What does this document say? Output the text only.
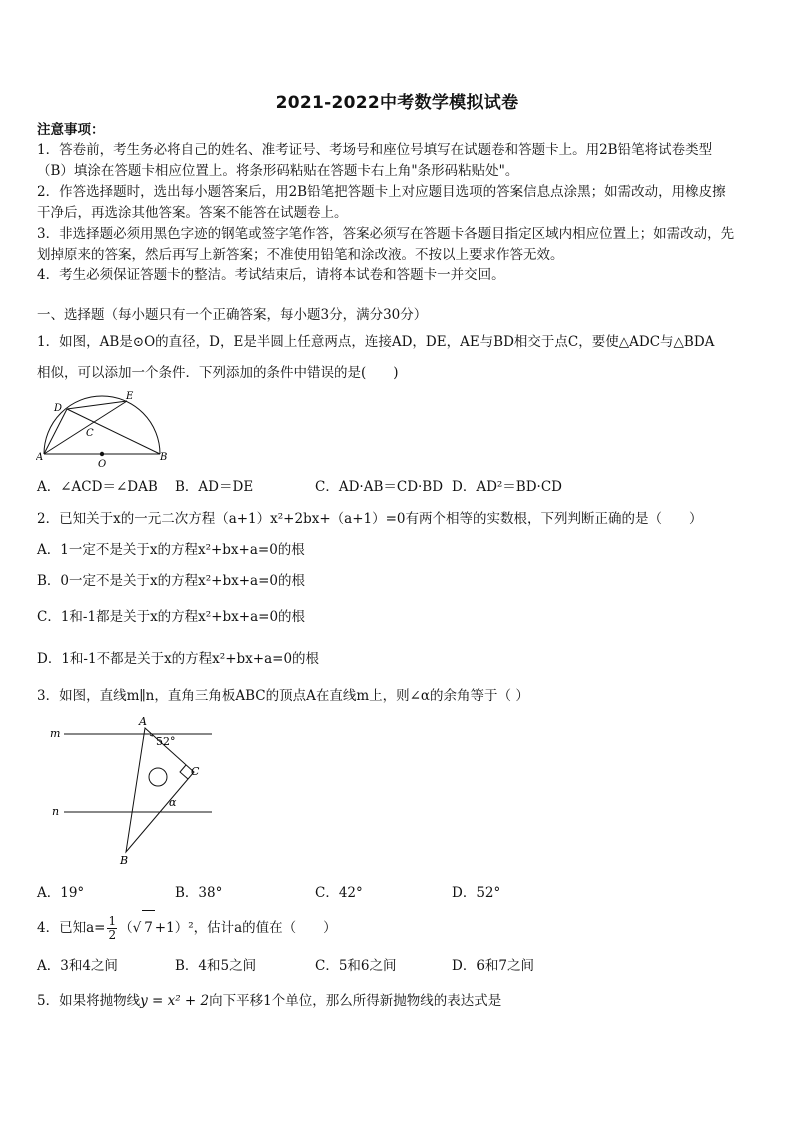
2021-2022中考数学模拟试卷
注意事项：
1．答卷前，考生务必将自己的姓名、准考证号、考场号和座位号填写在试题卷和答题卡上。用2B铅笔将试卷类型
（B）填涂在答题卡相应位置上。将条形码粘贴在答题卡右上角"条形码粘贴处"。
2．作答选择题时，选出每小题答案后，用2B铅笔把答题卡上对应题目选项的答案信息点涂黑；如需改动，用橡皮擦
干净后，再选涂其他答案。答案不能答在试题卷上。
3．非选择题必须用黑色字迹的钢笔或签字笔作答，答案必须写在答题卡各题目指定区域内相应位置上；如需改动，先
划掉原来的答案，然后再写上新答案；不准使用铅笔和涂改液。不按以上要求作答无效。
4．考生必须保证答题卡的整洁。考试结束后，请将本试卷和答题卡一并交回。
一、选择题（每小题只有一个正确答案，每小题3分，满分30分）
1．如图，AB是⊙O的直径，D，E是半圆上任意两点，连接AD，DE，AE与BD相交于点C，要使△ADC与△BDA
相似，可以添加一个条件．下列添加的条件中错误的是(　　)
D
E
C
A
O
B
A．∠ACD＝∠DAB B．AD＝DE	C．AD·AB＝CD·BD D．AD²＝BD·CD
2．已知关于x的一元二次方程（a+1）x²+2bx+（a+1）=0有两个相等的实数根，下列判断正确的是（　　）
A．1一定不是关于x的方程x²+bx+a=0的根
B．0一定不是关于x的方程x²+bx+a=0的根
C．1和-1都是关于x的方程x²+bx+a=0的根
D．1和-1不都是关于x的方程x²+bx+a=0的根
3．如图，直线m∥n，直角三角板ABC的顶点A在直线m上，则∠α的余角等于（ ）
m
n
A
52°
C
α
B
A．19°	B．38°	C．42°	D．52°
4．已知$a= \frac{1}{2}$ （√ 7 +1）²，估计a的值在（　　）
A．3和4之间	B．4和5之间	C．5和6之间	D．6和7之间
5．如果将抛物线y = x² + 2向下平移1个单位，那么所得新抛物线的表达式是
